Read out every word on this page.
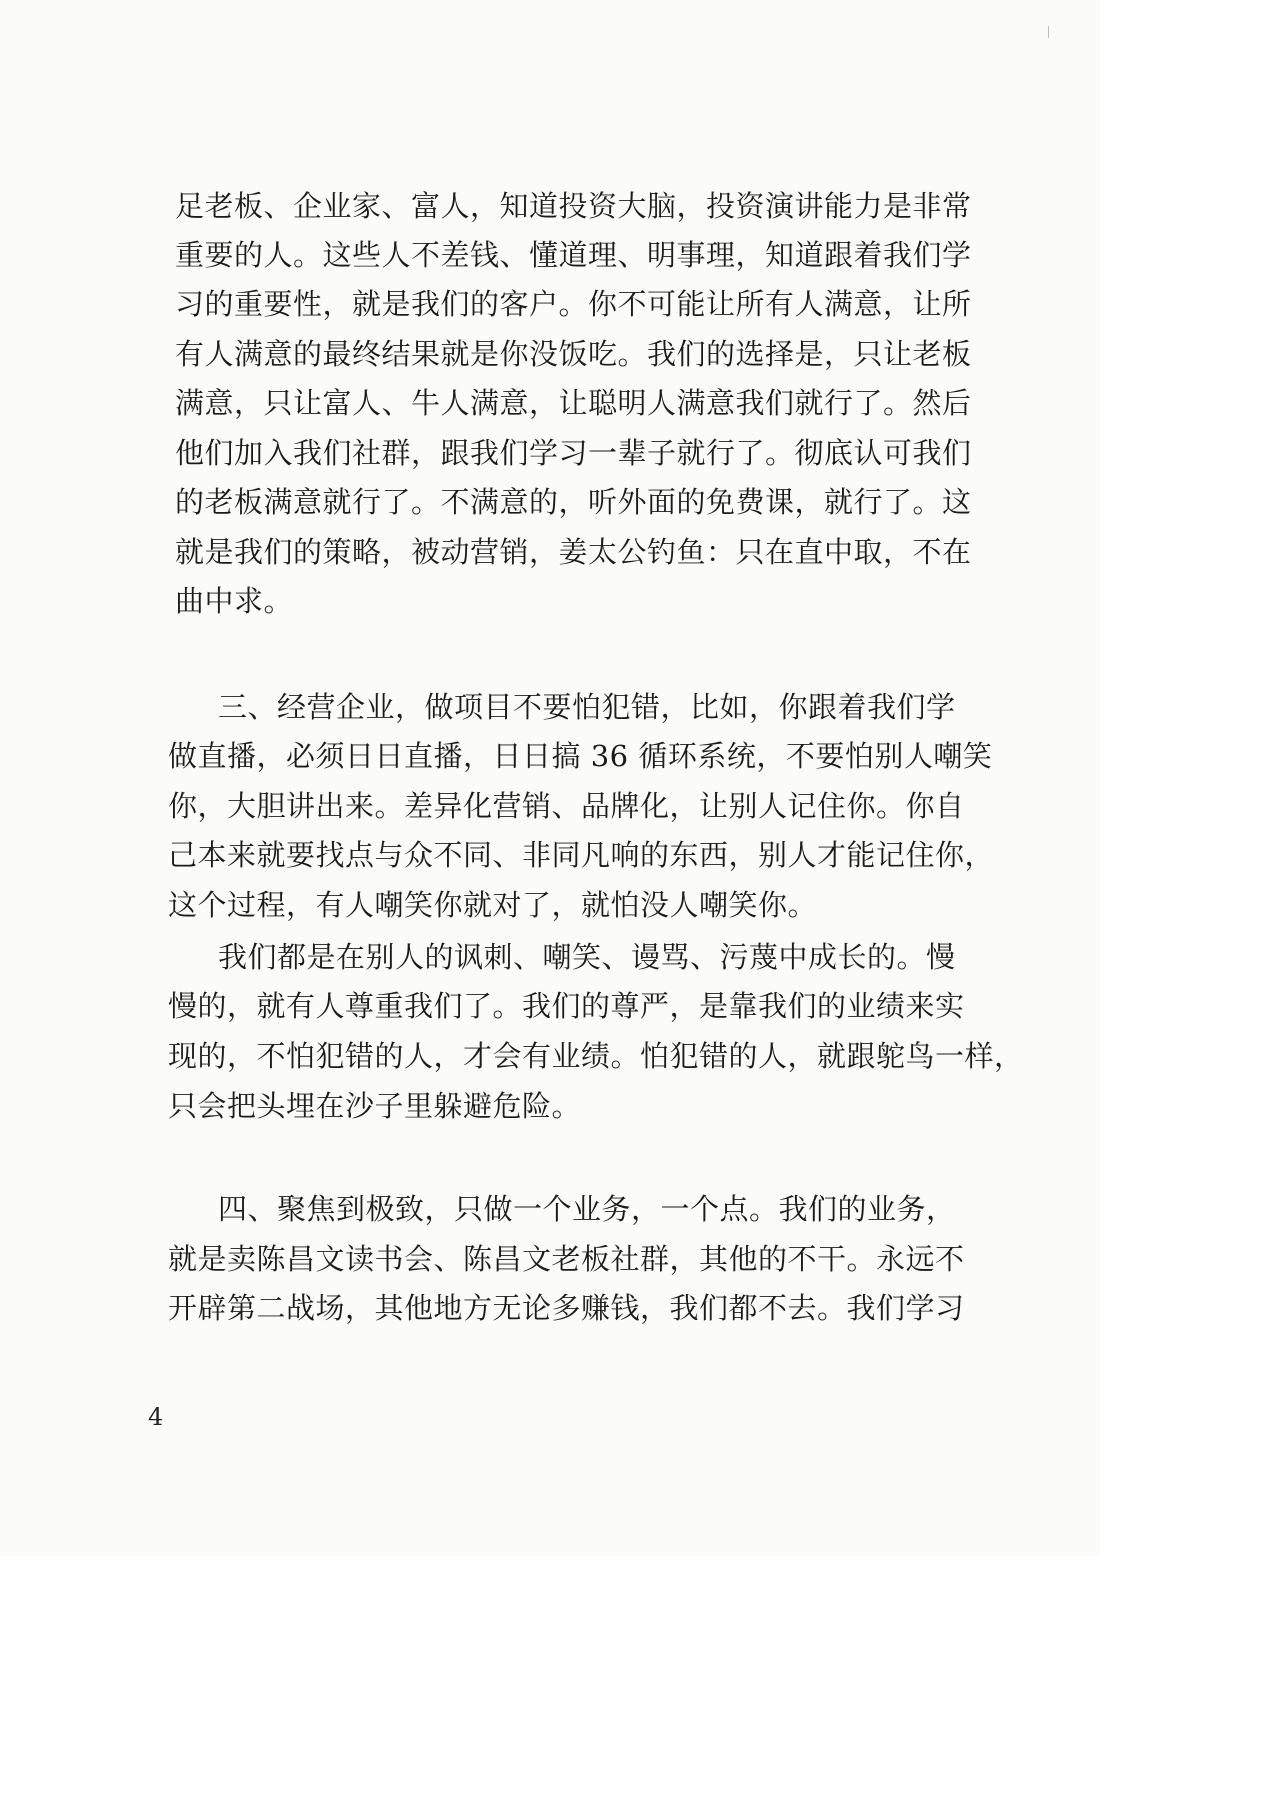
足老板、企业家、富人，知道投资大脑，投资演讲能力是非常
重要的人。这些人不差钱、懂道理、明事理，知道跟着我们学
习的重要性，就是我们的客户。你不可能让所有人满意，让所
有人满意的最终结果就是你没饭吃。我们的选择是，只让老板
满意，只让富人、牛人满意，让聪明人满意我们就行了。然后
他们加入我们社群，跟我们学习一辈子就行了。彻底认可我们
的老板满意就行了。不满意的，听外面的免费课，就行了。这
就是我们的策略，被动营销，姜太公钓鱼：只在直中取，不在
曲中求。
三、经营企业，做项目不要怕犯错，比如，你跟着我们学
做直播，必须日日直播，日日搞 36 循环系统，不要怕别人嘲笑
你，大胆讲出来。差异化营销、品牌化，让别人记住你。你自
己本来就要找点与众不同、非同凡响的东西，别人才能记住你，
这个过程，有人嘲笑你就对了，就怕没人嘲笑你。
我们都是在别人的讽刺、嘲笑、谩骂、污蔑中成长的。慢
慢的，就有人尊重我们了。我们的尊严，是靠我们的业绩来实
现的，不怕犯错的人，才会有业绩。怕犯错的人，就跟鸵鸟一样，
只会把头埋在沙子里躲避危险。
四、聚焦到极致，只做一个业务，一个点。我们的业务，
就是卖陈昌文读书会、陈昌文老板社群，其他的不干。永远不
开辟第二战场，其他地方无论多赚钱，我们都不去。我们学习
4
